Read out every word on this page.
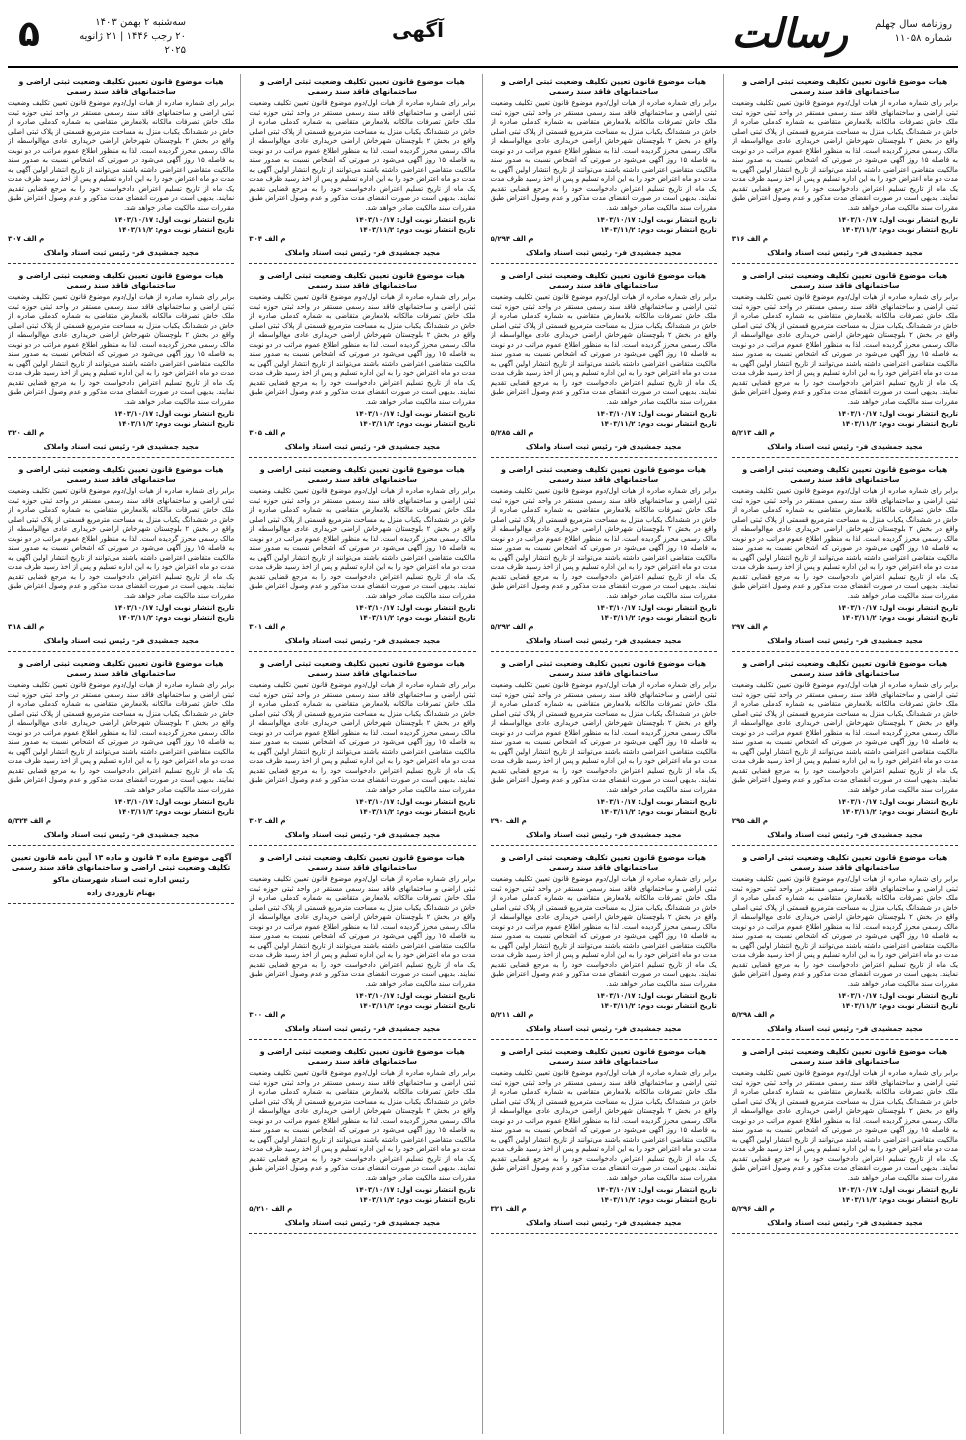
۵	سه‌شنبه ۲ بهمن ۱۴۰۳
۲۰ رجب ۱۴۴۶ | ۲۱ ژانویه ۲۰۲۵
آگهی	رسالت	روزنامه سال چهلم
شماره ۱۱۰۵۸
هیات موضوع قانون تعیین تکلیف وضعیت ثبتی اراضی و ساختمانهای فاقد سند رسمی

برابر رای شماره صادره از هیات اول/دوم موضوع قانون تعیین تکلیف وضعیت ثبتی اراضی و ساختمانهای فاقد سند رسمی مستقر در واحد ثبتی حوزه ثبت ملک خاش تصرفات مالکانه بلامعارض متقاضی به شماره کدملی صادره از خاش در ششدانگ یکباب منزل به مساحت مترمربع قسمتی از پلاک ثبتی اصلی واقع در بخش ۲ بلوچستان شهرخاش اراضی خریداری عادی مع‌الواسطه از مالک رسمی محرز گردیده است. لذا به منظور اطلاع عموم مراتب در دو نوبت به فاصله ۱۵ روز آگهی می‌شود در صورتی که اشخاص نسبت به صدور سند مالکیت متقاضی اعتراضی داشته باشند می‌توانند از تاریخ انتشار اولین آگهی به مدت دو ماه اعتراض خود را به این اداره تسلیم و پس از اخذ رسید ظرف مدت یک ماه از تاریخ تسلیم اعتراض دادخواست خود را به مرجع قضایی تقدیم نمایند. بدیهی است در صورت انقضای مدت مذکور و عدم وصول اعتراض طبق مقررات سند مالکیت صادر خواهد شد.

تاریخ انتشار نوبت اول: ۱۴۰۳/۱۰/۱۷
تاریخ انتشار نوبت دوم: ۱۴۰۳/۱۱/۲
م الف ۳۱۶
مجید جمشیدی فر- رئیس ثبت اسناد واملاک
هیات موضوع قانون تعیین تکلیف وضعیت ثبتی اراضی و ساختمانهای فاقد سند رسمی

برابر رای شماره صادره از هیات اول/دوم موضوع قانون تعیین تکلیف وضعیت ثبتی اراضی و ساختمانهای فاقد سند رسمی مستقر در واحد ثبتی حوزه ثبت ملک خاش تصرفات مالکانه بلامعارض متقاضی به شماره کدملی صادره از خاش در ششدانگ یکباب منزل به مساحت مترمربع قسمتی از پلاک ثبتی اصلی واقع در بخش ۲ بلوچستان شهرخاش اراضی خریداری عادی مع‌الواسطه از مالک رسمی محرز گردیده است. لذا به منظور اطلاع عموم مراتب در دو نوبت به فاصله ۱۵ روز آگهی می‌شود در صورتی که اشخاص نسبت به صدور سند مالکیت متقاضی اعتراضی داشته باشند می‌توانند از تاریخ انتشار اولین آگهی به مدت دو ماه اعتراض خود را به این اداره تسلیم و پس از اخذ رسید ظرف مدت یک ماه از تاریخ تسلیم اعتراض دادخواست خود را به مرجع قضایی تقدیم نمایند. بدیهی است در صورت انقضای مدت مذکور و عدم وصول اعتراض طبق مقررات سند مالکیت صادر خواهد شد.

تاریخ انتشار نوبت اول: ۱۴۰۳/۱۰/۱۷
تاریخ انتشار نوبت دوم: ۱۴۰۳/۱۱/۲
م الف ۵/۲۱۳
مجید جمشیدی فر- رئیس ثبت اسناد واملاک
هیات موضوع قانون تعیین تکلیف وضعیت ثبتی اراضی و ساختمانهای فاقد سند رسمی

برابر رای شماره صادره از هیات اول/دوم موضوع قانون تعیین تکلیف وضعیت ثبتی اراضی و ساختمانهای فاقد سند رسمی مستقر در واحد ثبتی حوزه ثبت ملک خاش تصرفات مالکانه بلامعارض متقاضی به شماره کدملی صادره از خاش در ششدانگ یکباب منزل به مساحت مترمربع قسمتی از پلاک ثبتی اصلی واقع در بخش ۲ بلوچستان شهرخاش اراضی خریداری عادی مع‌الواسطه از مالک رسمی محرز گردیده است. لذا به منظور اطلاع عموم مراتب در دو نوبت به فاصله ۱۵ روز آگهی می‌شود در صورتی که اشخاص نسبت به صدور سند مالکیت متقاضی اعتراضی داشته باشند می‌توانند از تاریخ انتشار اولین آگهی به مدت دو ماه اعتراض خود را به این اداره تسلیم و پس از اخذ رسید ظرف مدت یک ماه از تاریخ تسلیم اعتراض دادخواست خود را به مرجع قضایی تقدیم نمایند. بدیهی است در صورت انقضای مدت مذکور و عدم وصول اعتراض طبق مقررات سند مالکیت صادر خواهد شد.

تاریخ انتشار نوبت اول: ۱۴۰۳/۱۰/۱۷
تاریخ انتشار نوبت دوم: ۱۴۰۳/۱۱/۲
م الف ۲۹۷
مجید جمشیدی فر- رئیس ثبت اسناد واملاک
هیات موضوع قانون تعیین تکلیف وضعیت ثبتی اراضی و ساختمانهای فاقد سند رسمی

برابر رای شماره صادره از هیات اول/دوم موضوع قانون تعیین تکلیف وضعیت ثبتی اراضی و ساختمانهای فاقد سند رسمی مستقر در واحد ثبتی حوزه ثبت ملک خاش تصرفات مالکانه بلامعارض متقاضی به شماره کدملی صادره از خاش در ششدانگ یکباب منزل به مساحت مترمربع قسمتی از پلاک ثبتی اصلی واقع در بخش ۲ بلوچستان شهرخاش اراضی خریداری عادی مع‌الواسطه از مالک رسمی محرز گردیده است. لذا به منظور اطلاع عموم مراتب در دو نوبت به فاصله ۱۵ روز آگهی می‌شود در صورتی که اشخاص نسبت به صدور سند مالکیت متقاضی اعتراضی داشته باشند می‌توانند از تاریخ انتشار اولین آگهی به مدت دو ماه اعتراض خود را به این اداره تسلیم و پس از اخذ رسید ظرف مدت یک ماه از تاریخ تسلیم اعتراض دادخواست خود را به مرجع قضایی تقدیم نمایند. بدیهی است در صورت انقضای مدت مذکور و عدم وصول اعتراض طبق مقررات سند مالکیت صادر خواهد شد.

تاریخ انتشار نوبت اول: ۱۴۰۳/۱۰/۱۷
تاریخ انتشار نوبت دوم: ۱۴۰۳/۱۱/۲
م الف ۲۹۵
مجید جمشیدی فر- رئیس ثبت اسناد واملاک
هیات موضوع قانون تعیین تکلیف وضعیت ثبتی اراضی و ساختمانهای فاقد سند رسمی

برابر رای شماره صادره از هیات اول/دوم موضوع قانون تعیین تکلیف وضعیت ثبتی اراضی و ساختمانهای فاقد سند رسمی مستقر در واحد ثبتی حوزه ثبت ملک خاش تصرفات مالکانه بلامعارض متقاضی به شماره کدملی صادره از خاش در ششدانگ یکباب منزل به مساحت مترمربع قسمتی از پلاک ثبتی اصلی واقع در بخش ۲ بلوچستان شهرخاش اراضی خریداری عادی مع‌الواسطه از مالک رسمی محرز گردیده است. لذا به منظور اطلاع عموم مراتب در دو نوبت به فاصله ۱۵ روز آگهی می‌شود در صورتی که اشخاص نسبت به صدور سند مالکیت متقاضی اعتراضی داشته باشند می‌توانند از تاریخ انتشار اولین آگهی به مدت دو ماه اعتراض خود را به این اداره تسلیم و پس از اخذ رسید ظرف مدت یک ماه از تاریخ تسلیم اعتراض دادخواست خود را به مرجع قضایی تقدیم نمایند. بدیهی است در صورت انقضای مدت مذکور و عدم وصول اعتراض طبق مقررات سند مالکیت صادر خواهد شد.

تاریخ انتشار نوبت اول: ۱۴۰۳/۱۰/۱۷
تاریخ انتشار نوبت دوم: ۱۴۰۳/۱۱/۲
م الف ۵/۲۹۸
مجید جمشیدی فر- رئیس ثبت اسناد واملاک
هیات موضوع قانون تعیین تکلیف وضعیت ثبتی اراضی و ساختمانهای فاقد سند رسمی

برابر رای شماره صادره از هیات اول/دوم موضوع قانون تعیین تکلیف وضعیت ثبتی اراضی و ساختمانهای فاقد سند رسمی مستقر در واحد ثبتی حوزه ثبت ملک خاش تصرفات مالکانه بلامعارض متقاضی به شماره کدملی صادره از خاش در ششدانگ یکباب منزل به مساحت مترمربع قسمتی از پلاک ثبتی اصلی واقع در بخش ۲ بلوچستان شهرخاش اراضی خریداری عادی مع‌الواسطه از مالک رسمی محرز گردیده است. لذا به منظور اطلاع عموم مراتب در دو نوبت به فاصله ۱۵ روز آگهی می‌شود در صورتی که اشخاص نسبت به صدور سند مالکیت متقاضی اعتراضی داشته باشند می‌توانند از تاریخ انتشار اولین آگهی به مدت دو ماه اعتراض خود را به این اداره تسلیم و پس از اخذ رسید ظرف مدت یک ماه از تاریخ تسلیم اعتراض دادخواست خود را به مرجع قضایی تقدیم نمایند. بدیهی است در صورت انقضای مدت مذکور و عدم وصول اعتراض طبق مقررات سند مالکیت صادر خواهد شد.

تاریخ انتشار نوبت اول: ۱۴۰۳/۱۰/۱۷
تاریخ انتشار نوبت دوم: ۱۴۰۳/۱۱/۲
م الف ۵/۲۹۶
مجید جمشیدی فر- رئیس ثبت اسناد واملاک
هیات موضوع قانون تعیین تکلیف وضعیت ثبتی اراضی و ساختمانهای فاقد سند رسمی

برابر رای شماره صادره از هیات اول/دوم موضوع قانون تعیین تکلیف وضعیت ثبتی اراضی و ساختمانهای فاقد سند رسمی مستقر در واحد ثبتی حوزه ثبت ملک خاش تصرفات مالکانه بلامعارض متقاضی به شماره کدملی صادره از خاش در ششدانگ یکباب منزل به مساحت مترمربع قسمتی از پلاک ثبتی اصلی واقع در بخش ۲ بلوچستان شهرخاش اراضی خریداری عادی مع‌الواسطه از مالک رسمی محرز گردیده است. لذا به منظور اطلاع عموم مراتب در دو نوبت به فاصله ۱۵ روز آگهی می‌شود در صورتی که اشخاص نسبت به صدور سند مالکیت متقاضی اعتراضی داشته باشند می‌توانند از تاریخ انتشار اولین آگهی به مدت دو ماه اعتراض خود را به این اداره تسلیم و پس از اخذ رسید ظرف مدت یک ماه از تاریخ تسلیم اعتراض دادخواست خود را به مرجع قضایی تقدیم نمایند. بدیهی است در صورت انقضای مدت مذکور و عدم وصول اعتراض طبق مقررات سند مالکیت صادر خواهد شد.

تاریخ انتشار نوبت اول: ۱۴۰۳/۱۰/۱۷
تاریخ انتشار نوبت دوم: ۱۴۰۳/۱۱/۲
م الف ۵/۲۹۴
مجید جمشیدی فر- رئیس ثبت اسناد واملاک
هیات موضوع قانون تعیین تکلیف وضعیت ثبتی اراضی و ساختمانهای فاقد سند رسمی

برابر رای شماره صادره از هیات اول/دوم موضوع قانون تعیین تکلیف وضعیت ثبتی اراضی و ساختمانهای فاقد سند رسمی مستقر در واحد ثبتی حوزه ثبت ملک خاش تصرفات مالکانه بلامعارض متقاضی به شماره کدملی صادره از خاش در ششدانگ یکباب منزل به مساحت مترمربع قسمتی از پلاک ثبتی اصلی واقع در بخش ۲ بلوچستان شهرخاش اراضی خریداری عادی مع‌الواسطه از مالک رسمی محرز گردیده است. لذا به منظور اطلاع عموم مراتب در دو نوبت به فاصله ۱۵ روز آگهی می‌شود در صورتی که اشخاص نسبت به صدور سند مالکیت متقاضی اعتراضی داشته باشند می‌توانند از تاریخ انتشار اولین آگهی به مدت دو ماه اعتراض خود را به این اداره تسلیم و پس از اخذ رسید ظرف مدت یک ماه از تاریخ تسلیم اعتراض دادخواست خود را به مرجع قضایی تقدیم نمایند. بدیهی است در صورت انقضای مدت مذکور و عدم وصول اعتراض طبق مقررات سند مالکیت صادر خواهد شد.

تاریخ انتشار نوبت اول: ۱۴۰۳/۱۰/۱۷
تاریخ انتشار نوبت دوم: ۱۴۰۳/۱۱/۲
م الف ۵/۲۸۵
مجید جمشیدی فر- رئیس ثبت اسناد واملاک
هیات موضوع قانون تعیین تکلیف وضعیت ثبتی اراضی و ساختمانهای فاقد سند رسمی

برابر رای شماره صادره از هیات اول/دوم موضوع قانون تعیین تکلیف وضعیت ثبتی اراضی و ساختمانهای فاقد سند رسمی مستقر در واحد ثبتی حوزه ثبت ملک خاش تصرفات مالکانه بلامعارض متقاضی به شماره کدملی صادره از خاش در ششدانگ یکباب منزل به مساحت مترمربع قسمتی از پلاک ثبتی اصلی واقع در بخش ۲ بلوچستان شهرخاش اراضی خریداری عادی مع‌الواسطه از مالک رسمی محرز گردیده است. لذا به منظور اطلاع عموم مراتب در دو نوبت به فاصله ۱۵ روز آگهی می‌شود در صورتی که اشخاص نسبت به صدور سند مالکیت متقاضی اعتراضی داشته باشند می‌توانند از تاریخ انتشار اولین آگهی به مدت دو ماه اعتراض خود را به این اداره تسلیم و پس از اخذ رسید ظرف مدت یک ماه از تاریخ تسلیم اعتراض دادخواست خود را به مرجع قضایی تقدیم نمایند. بدیهی است در صورت انقضای مدت مذکور و عدم وصول اعتراض طبق مقررات سند مالکیت صادر خواهد شد.

تاریخ انتشار نوبت اول: ۱۴۰۳/۱۰/۱۷
تاریخ انتشار نوبت دوم: ۱۴۰۳/۱۱/۲
م الف ۵/۲۹۲
مجید جمشیدی فر- رئیس ثبت اسناد واملاک
هیات موضوع قانون تعیین تکلیف وضعیت ثبتی اراضی و ساختمانهای فاقد سند رسمی

برابر رای شماره صادره از هیات اول/دوم موضوع قانون تعیین تکلیف وضعیت ثبتی اراضی و ساختمانهای فاقد سند رسمی مستقر در واحد ثبتی حوزه ثبت ملک خاش تصرفات مالکانه بلامعارض متقاضی به شماره کدملی صادره از خاش در ششدانگ یکباب منزل به مساحت مترمربع قسمتی از پلاک ثبتی اصلی واقع در بخش ۲ بلوچستان شهرخاش اراضی خریداری عادی مع‌الواسطه از مالک رسمی محرز گردیده است. لذا به منظور اطلاع عموم مراتب در دو نوبت به فاصله ۱۵ روز آگهی می‌شود در صورتی که اشخاص نسبت به صدور سند مالکیت متقاضی اعتراضی داشته باشند می‌توانند از تاریخ انتشار اولین آگهی به مدت دو ماه اعتراض خود را به این اداره تسلیم و پس از اخذ رسید ظرف مدت یک ماه از تاریخ تسلیم اعتراض دادخواست خود را به مرجع قضایی تقدیم نمایند. بدیهی است در صورت انقضای مدت مذکور و عدم وصول اعتراض طبق مقررات سند مالکیت صادر خواهد شد.

تاریخ انتشار نوبت اول: ۱۴۰۳/۱۰/۱۷
تاریخ انتشار نوبت دوم: ۱۴۰۳/۱۱/۲
م الف ۲۹۰
مجید جمشیدی فر- رئیس ثبت اسناد واملاک
هیات موضوع قانون تعیین تکلیف وضعیت ثبتی اراضی و ساختمانهای فاقد سند رسمی

برابر رای شماره صادره از هیات اول/دوم موضوع قانون تعیین تکلیف وضعیت ثبتی اراضی و ساختمانهای فاقد سند رسمی مستقر در واحد ثبتی حوزه ثبت ملک خاش تصرفات مالکانه بلامعارض متقاضی به شماره کدملی صادره از خاش در ششدانگ یکباب منزل به مساحت مترمربع قسمتی از پلاک ثبتی اصلی واقع در بخش ۲ بلوچستان شهرخاش اراضی خریداری عادی مع‌الواسطه از مالک رسمی محرز گردیده است. لذا به منظور اطلاع عموم مراتب در دو نوبت به فاصله ۱۵ روز آگهی می‌شود در صورتی که اشخاص نسبت به صدور سند مالکیت متقاضی اعتراضی داشته باشند می‌توانند از تاریخ انتشار اولین آگهی به مدت دو ماه اعتراض خود را به این اداره تسلیم و پس از اخذ رسید ظرف مدت یک ماه از تاریخ تسلیم اعتراض دادخواست خود را به مرجع قضایی تقدیم نمایند. بدیهی است در صورت انقضای مدت مذکور و عدم وصول اعتراض طبق مقررات سند مالکیت صادر خواهد شد.

تاریخ انتشار نوبت اول: ۱۴۰۳/۱۰/۱۷
تاریخ انتشار نوبت دوم: ۱۴۰۳/۱۱/۲
م الف ۵/۲۱۱
مجید جمشیدی فر- رئیس ثبت اسناد واملاک
هیات موضوع قانون تعیین تکلیف وضعیت ثبتی اراضی و ساختمانهای فاقد سند رسمی

برابر رای شماره صادره از هیات اول/دوم موضوع قانون تعیین تکلیف وضعیت ثبتی اراضی و ساختمانهای فاقد سند رسمی مستقر در واحد ثبتی حوزه ثبت ملک خاش تصرفات مالکانه بلامعارض متقاضی به شماره کدملی صادره از خاش در ششدانگ یکباب منزل به مساحت مترمربع قسمتی از پلاک ثبتی اصلی واقع در بخش ۲ بلوچستان شهرخاش اراضی خریداری عادی مع‌الواسطه از مالک رسمی محرز گردیده است. لذا به منظور اطلاع عموم مراتب در دو نوبت به فاصله ۱۵ روز آگهی می‌شود در صورتی که اشخاص نسبت به صدور سند مالکیت متقاضی اعتراضی داشته باشند می‌توانند از تاریخ انتشار اولین آگهی به مدت دو ماه اعتراض خود را به این اداره تسلیم و پس از اخذ رسید ظرف مدت یک ماه از تاریخ تسلیم اعتراض دادخواست خود را به مرجع قضایی تقدیم نمایند. بدیهی است در صورت انقضای مدت مذکور و عدم وصول اعتراض طبق مقررات سند مالکیت صادر خواهد شد.

تاریخ انتشار نوبت اول: ۱۴۰۳/۱۰/۱۷
تاریخ انتشار نوبت دوم: ۱۴۰۳/۱۱/۲
م الف ۳۲۱
مجید جمشیدی فر- رئیس ثبت اسناد واملاک
هیات موضوع قانون تعیین تکلیف وضعیت ثبتی اراضی و ساختمانهای فاقد سند رسمی

برابر رای شماره صادره از هیات اول/دوم موضوع قانون تعیین تکلیف وضعیت ثبتی اراضی و ساختمانهای فاقد سند رسمی مستقر در واحد ثبتی حوزه ثبت ملک خاش تصرفات مالکانه بلامعارض متقاضی به شماره کدملی صادره از خاش در ششدانگ یکباب منزل به مساحت مترمربع قسمتی از پلاک ثبتی اصلی واقع در بخش ۲ بلوچستان شهرخاش اراضی خریداری عادی مع‌الواسطه از مالک رسمی محرز گردیده است. لذا به منظور اطلاع عموم مراتب در دو نوبت به فاصله ۱۵ روز آگهی می‌شود در صورتی که اشخاص نسبت به صدور سند مالکیت متقاضی اعتراضی داشته باشند می‌توانند از تاریخ انتشار اولین آگهی به مدت دو ماه اعتراض خود را به این اداره تسلیم و پس از اخذ رسید ظرف مدت یک ماه از تاریخ تسلیم اعتراض دادخواست خود را به مرجع قضایی تقدیم نمایند. بدیهی است در صورت انقضای مدت مذکور و عدم وصول اعتراض طبق مقررات سند مالکیت صادر خواهد شد.

تاریخ انتشار نوبت اول: ۱۴۰۳/۱۰/۱۷
تاریخ انتشار نوبت دوم: ۱۴۰۳/۱۱/۲
م الف ۳۰۴
مجید جمشیدی فر- رئیس ثبت اسناد واملاک
هیات موضوع قانون تعیین تکلیف وضعیت ثبتی اراضی و ساختمانهای فاقد سند رسمی

برابر رای شماره صادره از هیات اول/دوم موضوع قانون تعیین تکلیف وضعیت ثبتی اراضی و ساختمانهای فاقد سند رسمی مستقر در واحد ثبتی حوزه ثبت ملک خاش تصرفات مالکانه بلامعارض متقاضی به شماره کدملی صادره از خاش در ششدانگ یکباب منزل به مساحت مترمربع قسمتی از پلاک ثبتی اصلی واقع در بخش ۲ بلوچستان شهرخاش اراضی خریداری عادی مع‌الواسطه از مالک رسمی محرز گردیده است. لذا به منظور اطلاع عموم مراتب در دو نوبت به فاصله ۱۵ روز آگهی می‌شود در صورتی که اشخاص نسبت به صدور سند مالکیت متقاضی اعتراضی داشته باشند می‌توانند از تاریخ انتشار اولین آگهی به مدت دو ماه اعتراض خود را به این اداره تسلیم و پس از اخذ رسید ظرف مدت یک ماه از تاریخ تسلیم اعتراض دادخواست خود را به مرجع قضایی تقدیم نمایند. بدیهی است در صورت انقضای مدت مذکور و عدم وصول اعتراض طبق مقررات سند مالکیت صادر خواهد شد.

تاریخ انتشار نوبت اول: ۱۴۰۳/۱۰/۱۷
تاریخ انتشار نوبت دوم: ۱۴۰۳/۱۱/۲
م الف ۳۰۵
مجید جمشیدی فر- رئیس ثبت اسناد واملاک
هیات موضوع قانون تعیین تکلیف وضعیت ثبتی اراضی و ساختمانهای فاقد سند رسمی

برابر رای شماره صادره از هیات اول/دوم موضوع قانون تعیین تکلیف وضعیت ثبتی اراضی و ساختمانهای فاقد سند رسمی مستقر در واحد ثبتی حوزه ثبت ملک خاش تصرفات مالکانه بلامعارض متقاضی به شماره کدملی صادره از خاش در ششدانگ یکباب منزل به مساحت مترمربع قسمتی از پلاک ثبتی اصلی واقع در بخش ۲ بلوچستان شهرخاش اراضی خریداری عادی مع‌الواسطه از مالک رسمی محرز گردیده است. لذا به منظور اطلاع عموم مراتب در دو نوبت به فاصله ۱۵ روز آگهی می‌شود در صورتی که اشخاص نسبت به صدور سند مالکیت متقاضی اعتراضی داشته باشند می‌توانند از تاریخ انتشار اولین آگهی به مدت دو ماه اعتراض خود را به این اداره تسلیم و پس از اخذ رسید ظرف مدت یک ماه از تاریخ تسلیم اعتراض دادخواست خود را به مرجع قضایی تقدیم نمایند. بدیهی است در صورت انقضای مدت مذکور و عدم وصول اعتراض طبق مقررات سند مالکیت صادر خواهد شد.

تاریخ انتشار نوبت اول: ۱۴۰۳/۱۰/۱۷
تاریخ انتشار نوبت دوم: ۱۴۰۳/۱۱/۲
م الف ۳۰۱
مجید جمشیدی فر- رئیس ثبت اسناد واملاک
هیات موضوع قانون تعیین تکلیف وضعیت ثبتی اراضی و ساختمانهای فاقد سند رسمی

برابر رای شماره صادره از هیات اول/دوم موضوع قانون تعیین تکلیف وضعیت ثبتی اراضی و ساختمانهای فاقد سند رسمی مستقر در واحد ثبتی حوزه ثبت ملک خاش تصرفات مالکانه بلامعارض متقاضی به شماره کدملی صادره از خاش در ششدانگ یکباب منزل به مساحت مترمربع قسمتی از پلاک ثبتی اصلی واقع در بخش ۲ بلوچستان شهرخاش اراضی خریداری عادی مع‌الواسطه از مالک رسمی محرز گردیده است. لذا به منظور اطلاع عموم مراتب در دو نوبت به فاصله ۱۵ روز آگهی می‌شود در صورتی که اشخاص نسبت به صدور سند مالکیت متقاضی اعتراضی داشته باشند می‌توانند از تاریخ انتشار اولین آگهی به مدت دو ماه اعتراض خود را به این اداره تسلیم و پس از اخذ رسید ظرف مدت یک ماه از تاریخ تسلیم اعتراض دادخواست خود را به مرجع قضایی تقدیم نمایند. بدیهی است در صورت انقضای مدت مذکور و عدم وصول اعتراض طبق مقررات سند مالکیت صادر خواهد شد.

تاریخ انتشار نوبت اول: ۱۴۰۳/۱۰/۱۷
تاریخ انتشار نوبت دوم: ۱۴۰۳/۱۱/۲
م الف ۳۰۲
مجید جمشیدی فر- رئیس ثبت اسناد واملاک
هیات موضوع قانون تعیین تکلیف وضعیت ثبتی اراضی و ساختمانهای فاقد سند رسمی

برابر رای شماره صادره از هیات اول/دوم موضوع قانون تعیین تکلیف وضعیت ثبتی اراضی و ساختمانهای فاقد سند رسمی مستقر در واحد ثبتی حوزه ثبت ملک خاش تصرفات مالکانه بلامعارض متقاضی به شماره کدملی صادره از خاش در ششدانگ یکباب منزل به مساحت مترمربع قسمتی از پلاک ثبتی اصلی واقع در بخش ۲ بلوچستان شهرخاش اراضی خریداری عادی مع‌الواسطه از مالک رسمی محرز گردیده است. لذا به منظور اطلاع عموم مراتب در دو نوبت به فاصله ۱۵ روز آگهی می‌شود در صورتی که اشخاص نسبت به صدور سند مالکیت متقاضی اعتراضی داشته باشند می‌توانند از تاریخ انتشار اولین آگهی به مدت دو ماه اعتراض خود را به این اداره تسلیم و پس از اخذ رسید ظرف مدت یک ماه از تاریخ تسلیم اعتراض دادخواست خود را به مرجع قضایی تقدیم نمایند. بدیهی است در صورت انقضای مدت مذکور و عدم وصول اعتراض طبق مقررات سند مالکیت صادر خواهد شد.

تاریخ انتشار نوبت اول: ۱۴۰۳/۱۰/۱۷
تاریخ انتشار نوبت دوم: ۱۴۰۳/۱۱/۲
م الف ۳۰۰
مجید جمشیدی فر- رئیس ثبت اسناد واملاک
هیات موضوع قانون تعیین تکلیف وضعیت ثبتی اراضی و ساختمانهای فاقد سند رسمی

برابر رای شماره صادره از هیات اول/دوم موضوع قانون تعیین تکلیف وضعیت ثبتی اراضی و ساختمانهای فاقد سند رسمی مستقر در واحد ثبتی حوزه ثبت ملک خاش تصرفات مالکانه بلامعارض متقاضی به شماره کدملی صادره از خاش در ششدانگ یکباب منزل به مساحت مترمربع قسمتی از پلاک ثبتی اصلی واقع در بخش ۲ بلوچستان شهرخاش اراضی خریداری عادی مع‌الواسطه از مالک رسمی محرز گردیده است. لذا به منظور اطلاع عموم مراتب در دو نوبت به فاصله ۱۵ روز آگهی می‌شود در صورتی که اشخاص نسبت به صدور سند مالکیت متقاضی اعتراضی داشته باشند می‌توانند از تاریخ انتشار اولین آگهی به مدت دو ماه اعتراض خود را به این اداره تسلیم و پس از اخذ رسید ظرف مدت یک ماه از تاریخ تسلیم اعتراض دادخواست خود را به مرجع قضایی تقدیم نمایند. بدیهی است در صورت انقضای مدت مذکور و عدم وصول اعتراض طبق مقررات سند مالکیت صادر خواهد شد.

تاریخ انتشار نوبت اول: ۱۴۰۳/۱۰/۱۷
تاریخ انتشار نوبت دوم: ۱۴۰۳/۱۱/۲
م الف ۵/۲۱۰
مجید جمشیدی فر- رئیس ثبت اسناد واملاک
هیات موضوع قانون تعیین تکلیف وضعیت ثبتی اراضی و ساختمانهای فاقد سند رسمی

برابر رای شماره صادره از هیات اول/دوم موضوع قانون تعیین تکلیف وضعیت ثبتی اراضی و ساختمانهای فاقد سند رسمی مستقر در واحد ثبتی حوزه ثبت ملک خاش تصرفات مالکانه بلامعارض متقاضی به شماره کدملی صادره از خاش در ششدانگ یکباب منزل به مساحت مترمربع قسمتی از پلاک ثبتی اصلی واقع در بخش ۲ بلوچستان شهرخاش اراضی خریداری عادی مع‌الواسطه از مالک رسمی محرز گردیده است. لذا به منظور اطلاع عموم مراتب در دو نوبت به فاصله ۱۵ روز آگهی می‌شود در صورتی که اشخاص نسبت به صدور سند مالکیت متقاضی اعتراضی داشته باشند می‌توانند از تاریخ انتشار اولین آگهی به مدت دو ماه اعتراض خود را به این اداره تسلیم و پس از اخذ رسید ظرف مدت یک ماه از تاریخ تسلیم اعتراض دادخواست خود را به مرجع قضایی تقدیم نمایند. بدیهی است در صورت انقضای مدت مذکور و عدم وصول اعتراض طبق مقررات سند مالکیت صادر خواهد شد.

تاریخ انتشار نوبت اول: ۱۴۰۳/۱۰/۱۷
تاریخ انتشار نوبت دوم: ۱۴۰۳/۱۱/۲
م الف ۳۰۷
مجید جمشیدی فر- رئیس ثبت اسناد واملاک
هیات موضوع قانون تعیین تکلیف وضعیت ثبتی اراضی و ساختمانهای فاقد سند رسمی

برابر رای شماره صادره از هیات اول/دوم موضوع قانون تعیین تکلیف وضعیت ثبتی اراضی و ساختمانهای فاقد سند رسمی مستقر در واحد ثبتی حوزه ثبت ملک خاش تصرفات مالکانه بلامعارض متقاضی به شماره کدملی صادره از خاش در ششدانگ یکباب منزل به مساحت مترمربع قسمتی از پلاک ثبتی اصلی واقع در بخش ۲ بلوچستان شهرخاش اراضی خریداری عادی مع‌الواسطه از مالک رسمی محرز گردیده است. لذا به منظور اطلاع عموم مراتب در دو نوبت به فاصله ۱۵ روز آگهی می‌شود در صورتی که اشخاص نسبت به صدور سند مالکیت متقاضی اعتراضی داشته باشند می‌توانند از تاریخ انتشار اولین آگهی به مدت دو ماه اعتراض خود را به این اداره تسلیم و پس از اخذ رسید ظرف مدت یک ماه از تاریخ تسلیم اعتراض دادخواست خود را به مرجع قضایی تقدیم نمایند. بدیهی است در صورت انقضای مدت مذکور و عدم وصول اعتراض طبق مقررات سند مالکیت صادر خواهد شد.

تاریخ انتشار نوبت اول: ۱۴۰۳/۱۰/۱۷
تاریخ انتشار نوبت دوم: ۱۴۰۳/۱۱/۲
م الف ۳۲۰
مجید جمشیدی فر- رئیس ثبت اسناد واملاک
هیات موضوع قانون تعیین تکلیف وضعیت ثبتی اراضی و ساختمانهای فاقد سند رسمی

برابر رای شماره صادره از هیات اول/دوم موضوع قانون تعیین تکلیف وضعیت ثبتی اراضی و ساختمانهای فاقد سند رسمی مستقر در واحد ثبتی حوزه ثبت ملک خاش تصرفات مالکانه بلامعارض متقاضی به شماره کدملی صادره از خاش در ششدانگ یکباب منزل به مساحت مترمربع قسمتی از پلاک ثبتی اصلی واقع در بخش ۲ بلوچستان شهرخاش اراضی خریداری عادی مع‌الواسطه از مالک رسمی محرز گردیده است. لذا به منظور اطلاع عموم مراتب در دو نوبت به فاصله ۱۵ روز آگهی می‌شود در صورتی که اشخاص نسبت به صدور سند مالکیت متقاضی اعتراضی داشته باشند می‌توانند از تاریخ انتشار اولین آگهی به مدت دو ماه اعتراض خود را به این اداره تسلیم و پس از اخذ رسید ظرف مدت یک ماه از تاریخ تسلیم اعتراض دادخواست خود را به مرجع قضایی تقدیم نمایند. بدیهی است در صورت انقضای مدت مذکور و عدم وصول اعتراض طبق مقررات سند مالکیت صادر خواهد شد.

تاریخ انتشار نوبت اول: ۱۴۰۳/۱۰/۱۷
تاریخ انتشار نوبت دوم: ۱۴۰۳/۱۱/۲
م الف ۳۱۸
مجید جمشیدی فر- رئیس ثبت اسناد واملاک
هیات موضوع قانون تعیین تکلیف وضعیت ثبتی اراضی و ساختمانهای فاقد سند رسمی

برابر رای شماره صادره از هیات اول/دوم موضوع قانون تعیین تکلیف وضعیت ثبتی اراضی و ساختمانهای فاقد سند رسمی مستقر در واحد ثبتی حوزه ثبت ملک خاش تصرفات مالکانه بلامعارض متقاضی به شماره کدملی صادره از خاش در ششدانگ یکباب منزل به مساحت مترمربع قسمتی از پلاک ثبتی اصلی واقع در بخش ۲ بلوچستان شهرخاش اراضی خریداری عادی مع‌الواسطه از مالک رسمی محرز گردیده است. لذا به منظور اطلاع عموم مراتب در دو نوبت به فاصله ۱۵ روز آگهی می‌شود در صورتی که اشخاص نسبت به صدور سند مالکیت متقاضی اعتراضی داشته باشند می‌توانند از تاریخ انتشار اولین آگهی به مدت دو ماه اعتراض خود را به این اداره تسلیم و پس از اخذ رسید ظرف مدت یک ماه از تاریخ تسلیم اعتراض دادخواست خود را به مرجع قضایی تقدیم نمایند. بدیهی است در صورت انقضای مدت مذکور و عدم وصول اعتراض طبق مقررات سند مالکیت صادر خواهد شد.

تاریخ انتشار نوبت اول: ۱۴۰۳/۱۰/۱۷
تاریخ انتشار نوبت دوم: ۱۴۰۳/۱۱/۲
م الف ۵/۳۲۴
مجید جمشیدی فر- رئیس ثبت اسناد واملاک
آگهی موضوع ماده ۳ قانون و ماده ۱۳ آیین نامه قانون تعیین تکلیف وضعیت ثبتی اراضی و ساختمانهای فاقد سند رسمی
رئیس اداره ثبت اسناد شهرستان ماکو
بهنام تاروردی زاده
